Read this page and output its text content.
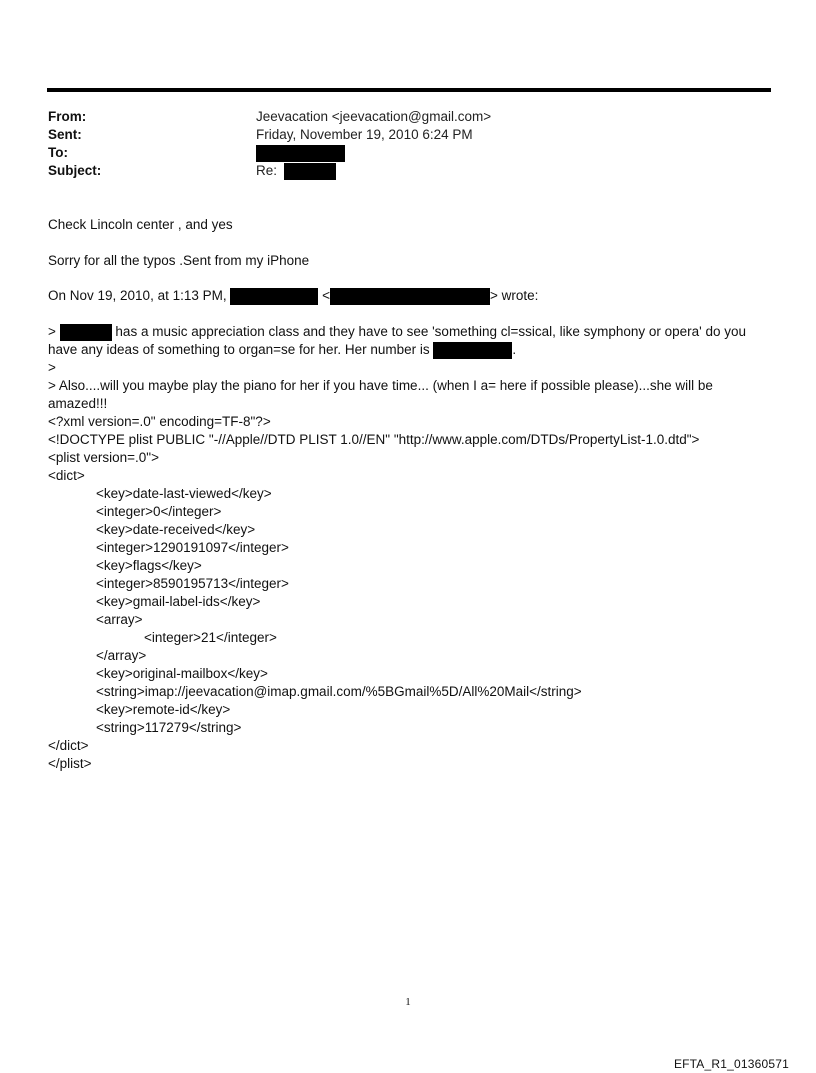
From:	Jeevacation <jeevacation@gmail.com>
Sent:	Friday, November 19, 2010 6:24 PM
To:
Subject:	Re:
Check Lincoln center , and yes
Sorry for all the typos .Sent from my iPhone
On Nov 19, 2010, at 1:13 PM,	<	> wrote:
>	has a music appreciation class and they have to see 'something cl=ssical, like symphony or opera' do you
have any ideas of something to organ=se for her. Her number is	.
>
> Also....will you maybe play the piano for her if you have time... (when I a= here if possible please)...she will be
amazed!!!
<?xml version=.0" encoding=TF-8"?>
<!DOCTYPE plist PUBLIC "-//Apple//DTD PLIST 1.0//EN" "http://www.apple.com/DTDs/PropertyList-1.0.dtd">
<plist version=.0">
<dict>
<key>date-last-viewed</key>
<integer>0</integer>
<key>date-received</key>
<integer>1290191097</integer>
<key>flags</key>
<integer>8590195713</integer>
<key>gmail-label-ids</key>
<array>
<integer>21</integer>
</array>
<key>original-mailbox</key>
<string>imap://jeevacation@imap.gmail.com/%5BGmail%5D/All%20Mail</string>
<key>remote-id</key>
<string>117279</string>
</dict>
</plist>
1
EFTA_R1_01360571
